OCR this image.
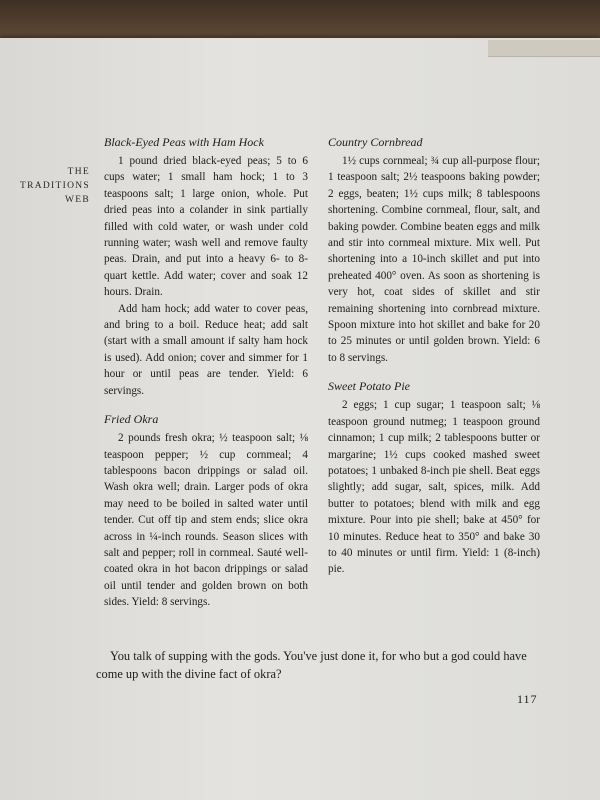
THE
TRADITIONS
WEB
Black-Eyed Peas with Ham Hock

1 pound dried black-eyed peas; 5 to 6 cups water; 1 small ham hock; 1 to 3 teaspoons salt; 1 large onion, whole. Put dried peas into a colander in sink partially filled with cold water, or wash under cold running water; wash well and remove faulty peas. Drain, and put into a heavy 6- to 8-quart kettle. Add water; cover and soak 12 hours. Drain.

Add ham hock; add water to cover peas, and bring to a boil. Reduce heat; add salt (start with a small amount if salty ham hock is used). Add onion; cover and simmer for 1 hour or until peas are tender. Yield: 6 servings.

Fried Okra

2 pounds fresh okra; ½ teaspoon salt; ⅛ teaspoon pepper; ½ cup cornmeal; 4 tablespoons bacon drippings or salad oil. Wash okra well; drain. Larger pods of okra may need to be boiled in salted water until tender. Cut off tip and stem ends; slice okra across in ¼-inch rounds. Season slices with salt and pepper; roll in cornmeal. Sauté well-coated okra in hot bacon drippings or salad oil until tender and golden brown on both sides. Yield: 8 servings.

Country Cornbread

1½ cups cornmeal; ¾ cup all-purpose flour; 1 teaspoon salt; 2½ teaspoons baking powder; 2 eggs, beaten; 1½ cups milk; 8 tablespoons shortening. Combine cornmeal, flour, salt, and baking powder. Combine beaten eggs and milk and stir into cornmeal mixture. Mix well. Put shortening into a 10-inch skillet and put into preheated 400° oven. As soon as shortening is very hot, coat sides of skillet and stir remaining shortening into cornbread mixture. Spoon mixture into hot skillet and bake for 20 to 25 minutes or until golden brown. Yield: 6 to 8 servings.

Sweet Potato Pie

2 eggs; 1 cup sugar; 1 teaspoon salt; ⅛ teaspoon ground nutmeg; 1 teaspoon ground cinnamon; 1 cup milk; 2 tablespoons butter or margarine; 1½ cups cooked mashed sweet potatoes; 1 unbaked 8-inch pie shell. Beat eggs slightly; add sugar, salt, spices, milk. Add butter to potatoes; blend with milk and egg mixture. Pour into pie shell; bake at 450° for 10 minutes. Reduce heat to 350° and bake 30 to 40 minutes or until firm. Yield: 1 (8-inch) pie.

You talk of supping with the gods. You've just done it, for who but a god could have come up with the divine fact of okra?

117
